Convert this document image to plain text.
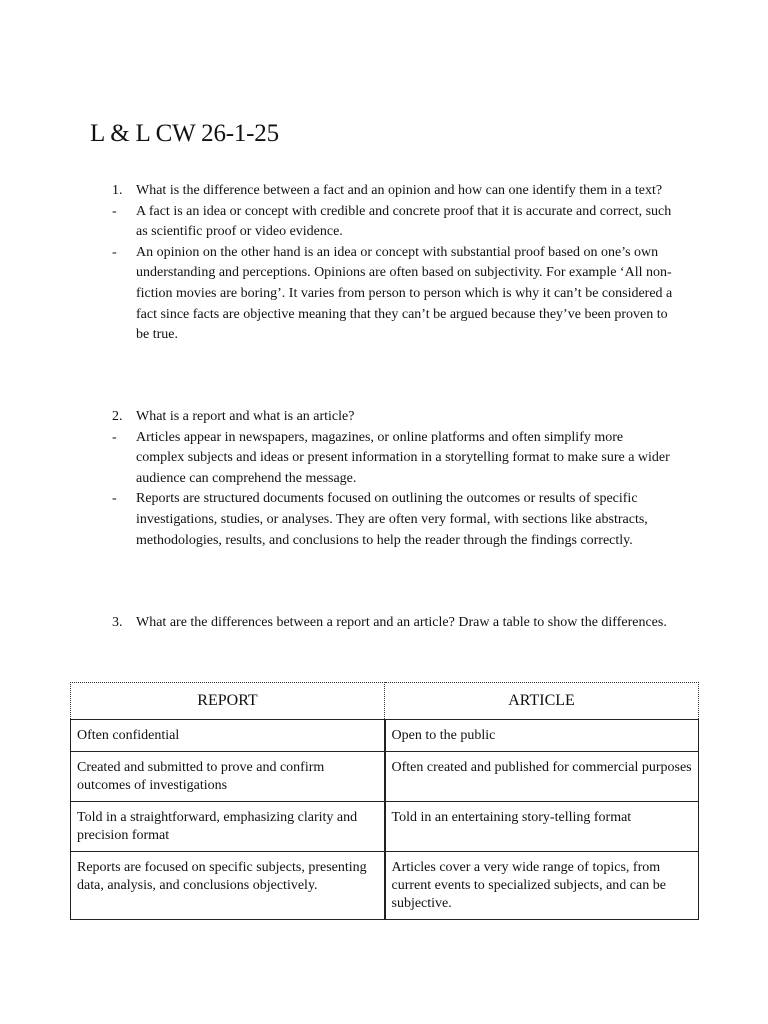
L & L CW 26-1-25
1. What is the difference between a fact and an opinion and how can one identify them in a text?
- A fact is an idea or concept with credible and concrete proof that it is accurate and correct, such as scientific proof or video evidence.
- An opinion on the other hand is an idea or concept with substantial proof based on one’s own understanding and perceptions. Opinions are often based on subjectivity. For example ‘All non-fiction movies are boring’. It varies from person to person which is why it can’t be considered a fact since facts are objective meaning that they can’t be argued because they’ve been proven to be true.
2. What is a report and what is an article?
- Articles appear in newspapers, magazines, or online platforms and often simplify more complex subjects and ideas or present information in a storytelling format to make sure a wider audience can comprehend the message.
- Reports are structured documents focused on outlining the outcomes or results of specific investigations, studies, or analyses. They are often very formal, with sections like abstracts, methodologies, results, and conclusions to help the reader through the findings correctly.
3. What are the differences between a report and an article? Draw a table to show the differences.
REPORT	ARTICLE
Often confidential	Open to the public
Created and submitted to prove and confirm outcomes of investigations	Often created and published for commercial purposes
Told in a straightforward, emphasizing clarity and precision format	Told in an entertaining story-telling format
Reports are focused on specific subjects, presenting data, analysis, and conclusions objectively.	Articles cover a very wide range of topics, from current events to specialized subjects, and can be subjective.
